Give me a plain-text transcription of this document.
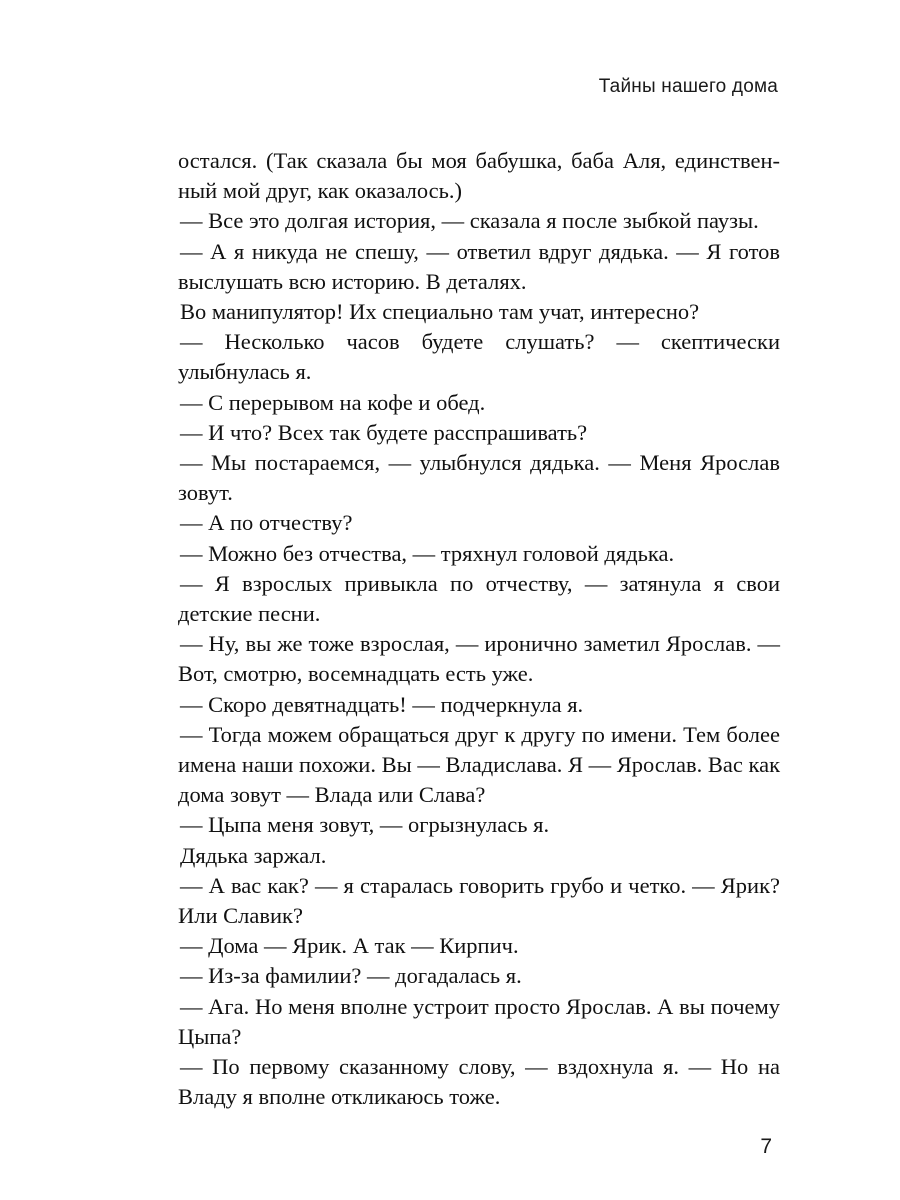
Тайны нашего дома

остался. (Так сказала бы моя бабушка, баба Аля, единственный мой друг, как оказалось.)

— Все это долгая история, — сказала я после зыбкой паузы.

— А я никуда не спешу, — ответил вдруг дядька. — Я готов выслушать всю историю. В деталях.

Во манипулятор! Их специально там учат, интересно?

— Несколько часов будете слушать? — скептически улыбнулась я.

— С перерывом на кофе и обед.

— И что? Всех так будете расспрашивать?

— Мы постараемся, — улыбнулся дядька. — Меня Ярослав зовут.

— А по отчеству?

— Можно без отчества, — тряхнул головой дядька.

— Я взрослых привыкла по отчеству, — затянула я свои детские песни.

— Ну, вы же тоже взрослая, — иронично заметил Ярослав. — Вот, смотрю, восемнадцать есть уже.

— Скоро девятнадцать! — подчеркнула я.

— Тогда можем обращаться друг к другу по имени. Тем более имена наши похожи. Вы — Владислава. Я — Ярослав. Вас как дома зовут — Влада или Слава?

— Цыпа меня зовут, — огрызнулась я.

Дядька заржал.

— А вас как? — я старалась говорить грубо и четко. — Ярик? Или Славик?

— Дома — Ярик. А так — Кирпич.

— Из-за фамилии? — догадалась я.

— Ага. Но меня вполне устроит просто Ярослав. А вы почему Цыпа?

— По первому сказанному слову, — вздохнула я. — Но на Владу я вполне откликаюсь тоже.

7
